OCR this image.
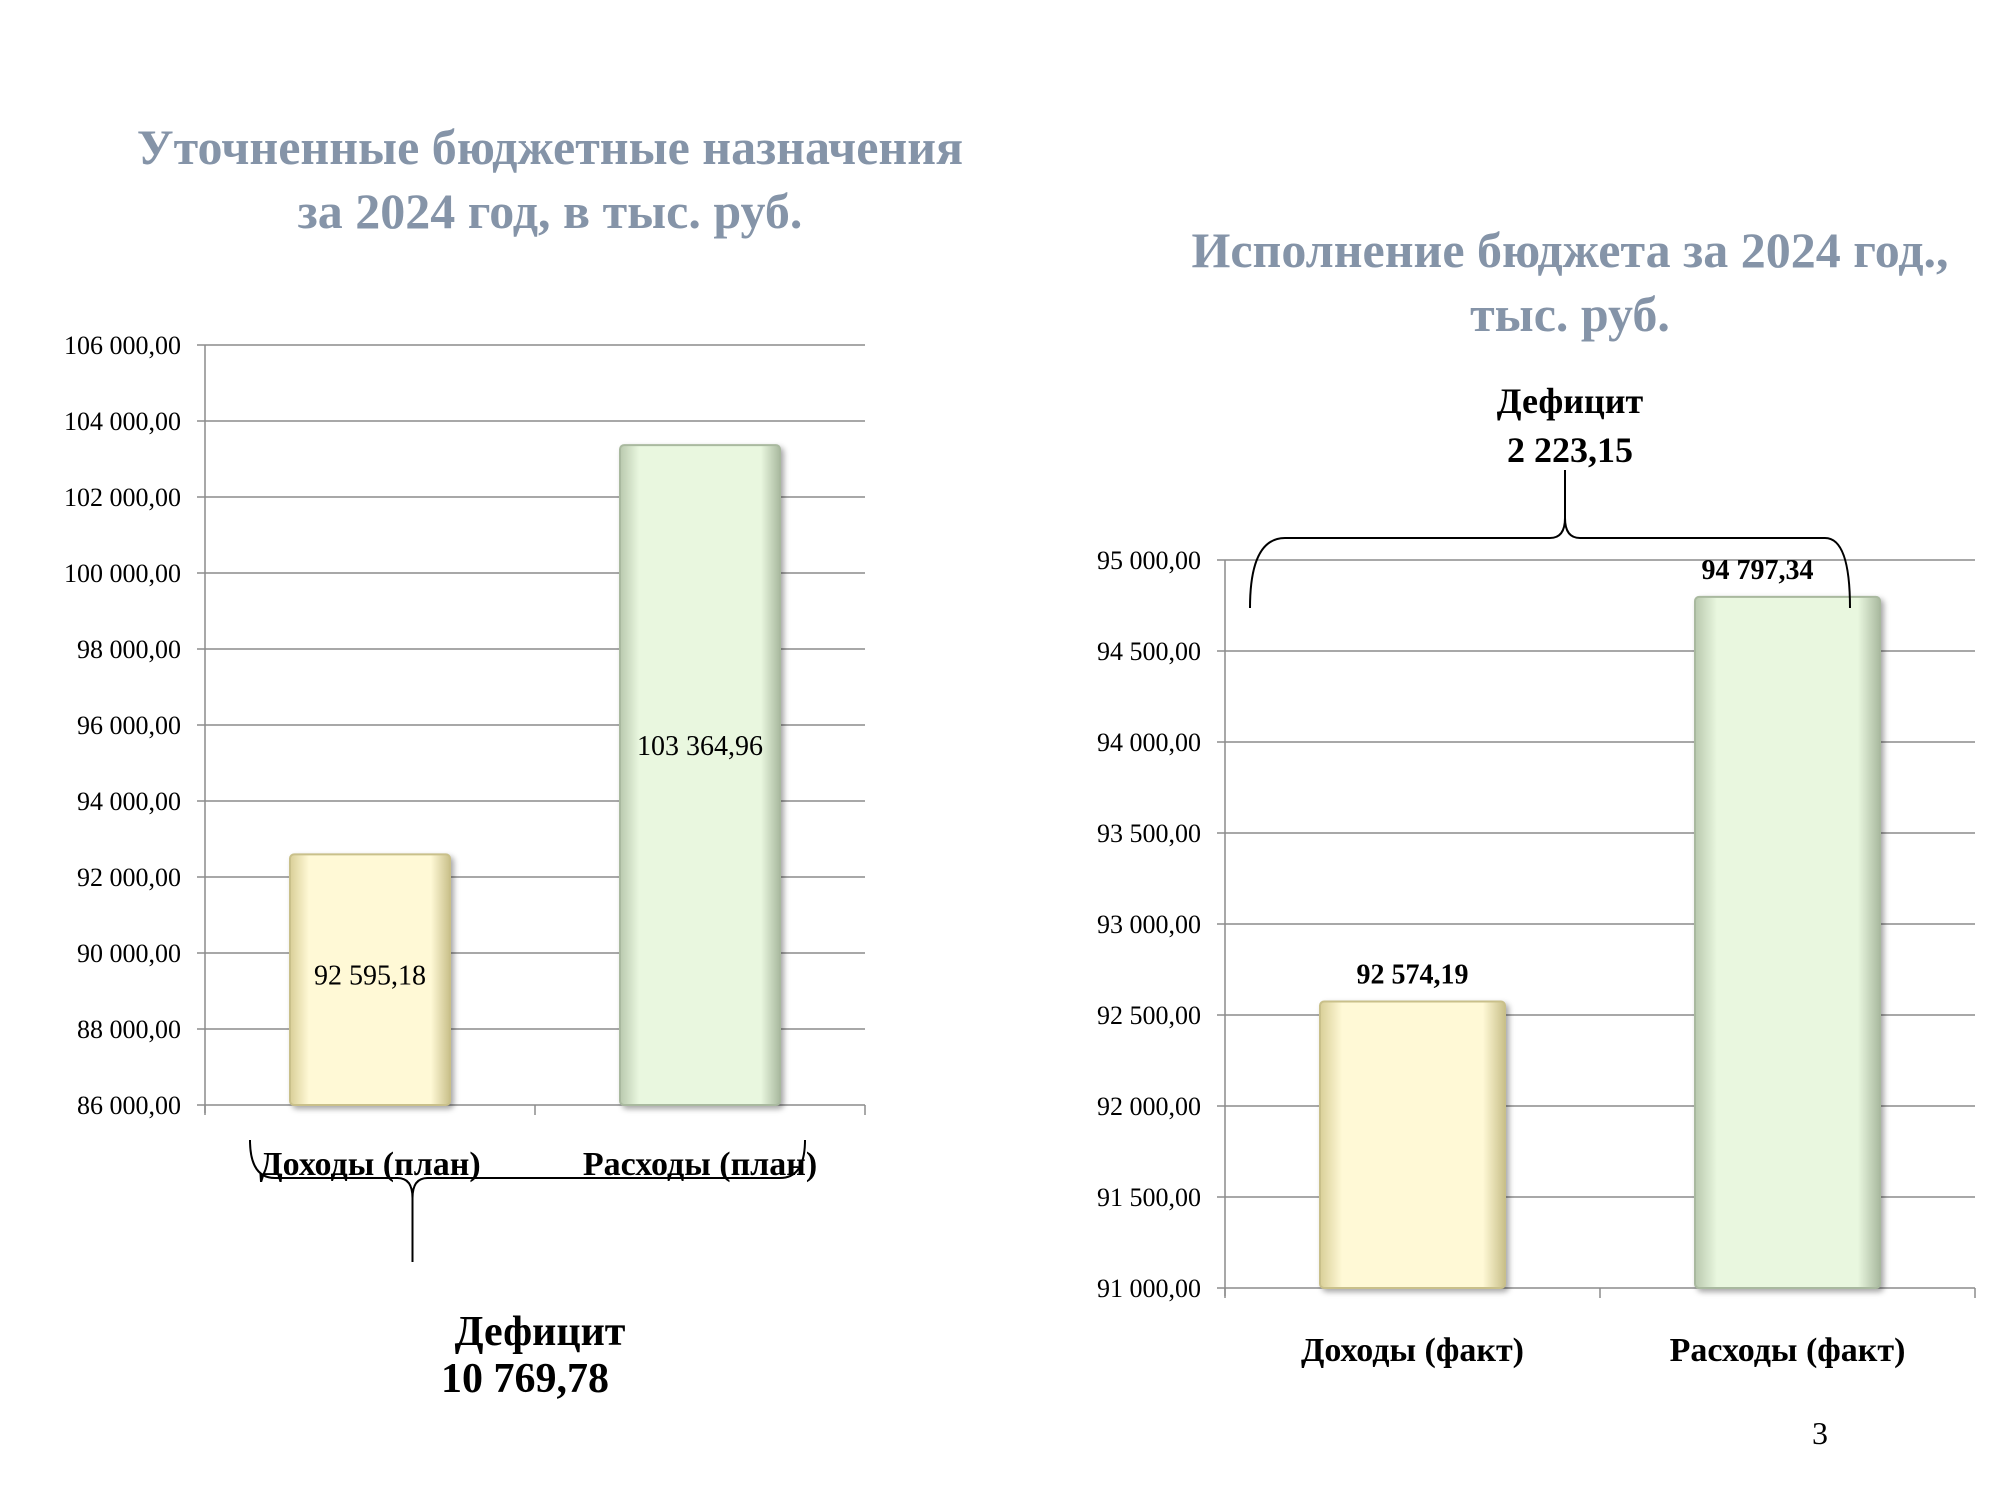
Уточненные бюджетные назначения
за 2024 год, в тыс. руб.
Исполнение бюджета за 2024 год.,
тыс. руб.
86 000,00
88 000,00
90 000,00
92 000,00
94 000,00
96 000,00
98 000,00
100 000,00
102 000,00
104 000,00
106 000,00
92 595,18
Доходы (план)
103 364,96
Расходы (план)
Дефицит
10 769,78
91 000,00
91 500,00
92 000,00
92 500,00
93 000,00
93 500,00
94 000,00
94 500,00
95 000,00
92 574,19
Доходы (факт)
94 797,34
Расходы (факт)
Дефицит
2 223,15
3
